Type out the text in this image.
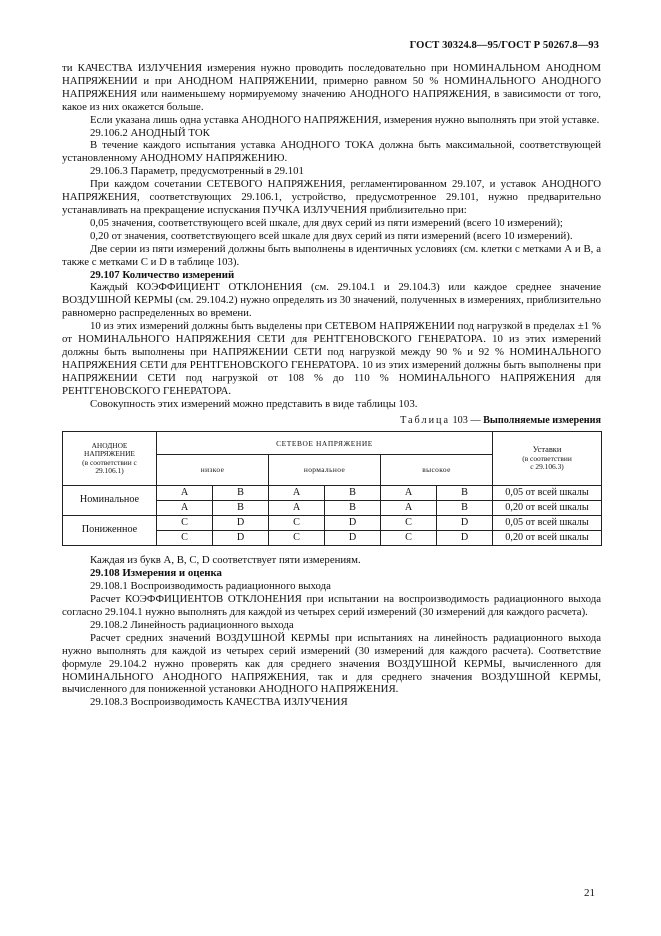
ГОСТ 30324.8—95/ГОСТ Р 50267.8—93

ти КАЧЕСТВА ИЗЛУЧЕНИЯ измерения нужно проводить последовательно при НОМИНАЛЬНОМ АНОДНОМ НАПРЯЖЕНИИ и при АНОДНОМ НАПРЯЖЕНИИ, примерно равном 50 % НОМИНАЛЬНОГО АНОДНОГО НАПРЯЖЕНИЯ или наименьшему нормируемому значению АНОДНОГО НАПРЯЖЕНИЯ, в зависимости от того, какое из них окажется больше.

Если указана лишь одна уставка АНОДНОГО НАПРЯЖЕНИЯ, измерения нужно выполнять при этой уставке.

29.106.2 АНОДНЫЙ ТОК

В течение каждого испытания уставка АНОДНОГО ТОКА должна быть максимальной, соответствующей установленному АНОДНОМУ НАПРЯЖЕНИЮ.

29.106.3 Параметр, предусмотренный в 29.101

При каждом сочетании СЕТЕВОГО НАПРЯЖЕНИЯ, регламентированном 29.107, и уставок АНОДНОГО НАПРЯЖЕНИЯ, соответствующих 29.106.1, устройство, предусмотренное 29.101, нужно предварительно устанавливать на прекращение испускания ПУЧКА ИЗЛУЧЕНИЯ приблизительно при:

0,05 значения, соответствующего всей шкале, для двух серий из пяти измерений (всего 10 измерений);

0,20 от значения, соответствующего всей шкале для двух серий из пяти измерений (всего 10 измерений).

Две серии из пяти измерений должны быть выполнены в идентичных условиях (см. клетки с метками А и В, а также с метками С и D в таблице 103).

29.107 Количество измерений

Каждый КОЭФФИЦИЕНТ ОТКЛОНЕНИЯ (см. 29.104.1 и 29.104.3) или каждое среднее значение ВОЗДУШНОЙ КЕРМЫ (см. 29.104.2) нужно определять из 30 значений, полученных в измерениях, приблизительно равномерно распределенных во времени.

10 из этих измерений должны быть выделены при СЕТЕВОМ НАПРЯЖЕНИИ под нагрузкой в пределах ±1 % от НОМИНАЛЬНОГО НАПРЯЖЕНИЯ СЕТИ для РЕНТГЕНОВСКОГО ГЕНЕРАТОРА. 10 из этих измерений должны быть выполнены при НАПРЯЖЕНИИ СЕТИ под нагрузкой между 90 % и 92 % НОМИНАЛЬНОГО НАПРЯЖЕНИЯ СЕТИ для РЕНТГЕНОВСКОГО ГЕНЕРАТОРА. 10 из этих измерений должны быть выполнены при НАПРЯЖЕНИИ СЕТИ под нагрузкой от 108 % до 110 % НОМИНАЛЬНОГО НАПРЯЖЕНИЯ для РЕНТГЕНОВСКОГО ГЕНЕРАТОРА.

Совокупность этих измерений можно представить в виде таблицы 103.

Таблица 103 — Выполняемые измерения
АНОДНОЕ
НАПРЯЖЕНИЕ
(в соответствии с
29.106.1)	СЕТЕВОЕ НАПРЯЖЕНИЕ						Уставки
(в соответствии
с 29.106.3)
	низкое		нормальное		высокое		
Номинальное	А	В	А	В	А	В	0,05 от всей шкалы
	А	В	А	В	А	В	0,20 от всей шкалы
Пониженное	С	D	С	D	С	D	0,05 от всей шкалы
	С	D	С	D	С	D	0,20 от всей шкалы

Каждая из букв А, В, С, D соответствует пяти измерениям.

29.108 Измерения и оценка

29.108.1 Воспроизводимость радиационного выхода

Расчет КОЭФФИЦИЕНТОВ ОТКЛОНЕНИЯ при испытании на воспроизводимость радиационного выхода согласно 29.104.1 нужно выполнять для каждой из четырех серий измерений (30 измерений для каждого расчета).

29.108.2 Линейность радиационного выхода

Расчет средних значений ВОЗДУШНОЙ КЕРМЫ при испытаниях на линейность радиационного выхода нужно выполнять для каждой из четырех серий измерений (30 измерений для каждого расчета). Соответствие формуле 29.104.2 нужно проверять как для среднего значения ВОЗДУШНОЙ КЕРМЫ, вычисленного для НОМИНАЛЬНОГО АНОДНОГО НАПРЯЖЕНИЯ, так и для среднего значения ВОЗДУШНОЙ КЕРМЫ, вычисленного для пониженной установки АНОДНОГО НАПРЯЖЕНИЯ.

29.108.3 Воспроизводимость КАЧЕСТВА ИЗЛУЧЕНИЯ

21
